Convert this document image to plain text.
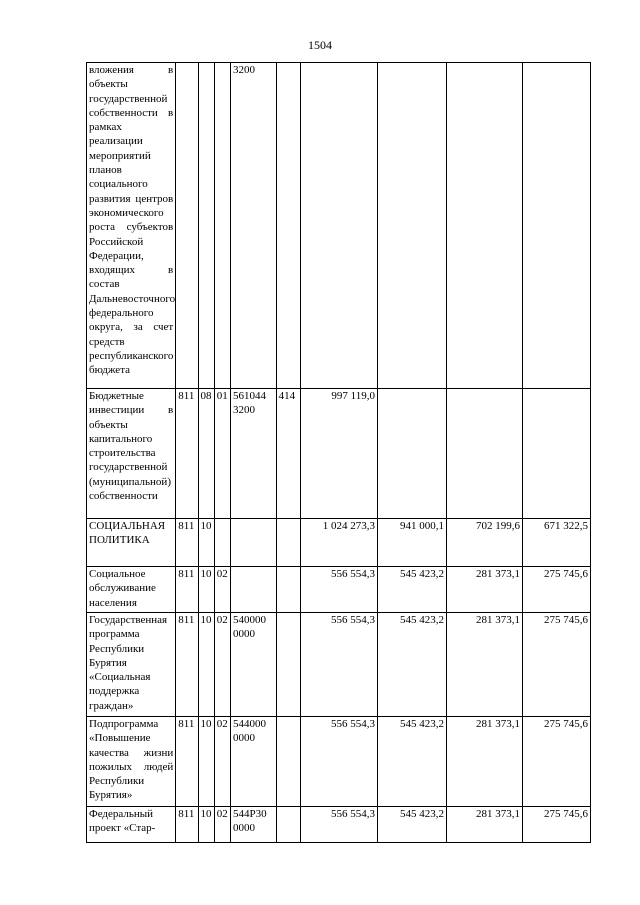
1504
вложения в объекты государственной собственности в рамках реализации мероприятий планов социального развития центров экономического роста субъектов Российской Федерации, входящих в состав Дальневосточного федерального округа, за счет средств республиканского бюджета				3200					
Бюджетные инвестиции в объекты капитального строительства государственной (муниципальной) собственности	811	08	01	561044 3200	414	997 119,0			
СОЦИАЛЬНАЯ ПОЛИТИКА	811	10				1 024 273,3	941 000,1	702 199,6	671 322,5
Социальное обслуживание населения	811	10	02			556 554,3	545 423,2	281 373,1	275 745,6
Государственная программа Республики Бурятия «Социальная поддержка граждан»	811	10	02	540000 0000		556 554,3	545 423,2	281 373,1	275 745,6
Подпрограмма «Повышение качества жизни пожилых людей Республики Бурятия»	811	10	02	544000 0000		556 554,3	545 423,2	281 373,1	275 745,6
Федеральный проект «Стар-	811	10	02	544Р30 0000		556 554,3	545 423,2	281 373,1	275 745,6
